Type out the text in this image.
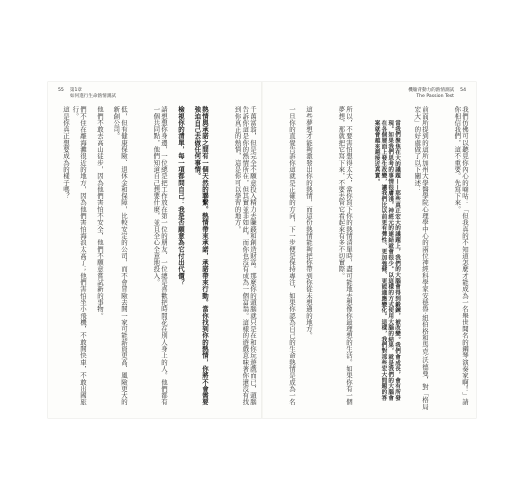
55 第1章
如何進行生命熱情測試
機艙背動力的熱情測試 54
The Passion Test
千萬富翁，但是完全不願意投入精力去賺錢和創造財富。那麼你的頭腦就只是在和你玩遊戲而已，頭腦告訴你這是你的熱情所在，但其實並非如此，而你也沒有成為一個富翁。這樣的遊戲意味著你還沒有找到你真正的熱情，這是你可以學習的地方。
熱情與承諾之間有一個天然的聯繫。熱情帶來承諾，承諾帶來行動。當你找到你的熱情，你將不會需要強迫自己去做任何事情。
檢視你的清單，每一項都問自己：我是否願意為它付出代價？
請想想你身邊，一位總是把工作放在第一位的朋友、一位總是喜歡把時間花在別人身上的人。他們都有一個共同點，他們知道自己想要什麼，並且全心全意地投入。
低，但有健康保險、退休金和保障，比較安定的公司，而不會冒險去開一家可能薪資更高、風險更大的新創公司。
他們不敢去高山徒步，因為他們害怕不安全，他們不願意嘗試新的事物。
們不住在離海灘很近的地方，因為他們害怕海浪太高了；他們害怕坐小飛機，不敢開快車，不敢出國旅行。
這是你真正想要成為的樣子嗎？	我們仿佛可以聽見你內心的嘀咕：「但我真的不知道怎麼才能成為一名舉世聞名的鋼琴演奏家啊！」請你相信我們，這不重要。先寫下來。
前面所提到的這所加州大學醫學院心理學中心的兩位神經科學家安德魯·紐伯格和馬克·沃德曼，對「格局宏大」的好處做了以下闡述：
當我們聚焦在大的議題——那些真正宏大的議題上，我們的大腦會得到鍛鍊，被改變。我們會成長，會有所發現。如果我們思考的事情很膚淺，神經元的連結就會很少。以這樣的方式使用大腦的結果，就是我們的大腦會在各個層面上發生改變，讓我們比以前更有彈性、更加強健、更能適應變化。這樣，我們對那些宏大問題的答案就會越來越接近真實。
所以，不要害怕想得太大，當你寫下你的熱情清單時，盡可能地去想像你最理想的生活。如果你有一個夢想，那就把它寫下來，不要去管它看起來有多不切實際。
這些夢想才能夠激發出你的熱情，而這份熱情能夠把你帶到你從未想過的地方。
一旦你的直覺告訴你這就是正確的方向，下一步便是保持專注，如果你認為自己的生命熱情是成為一名
